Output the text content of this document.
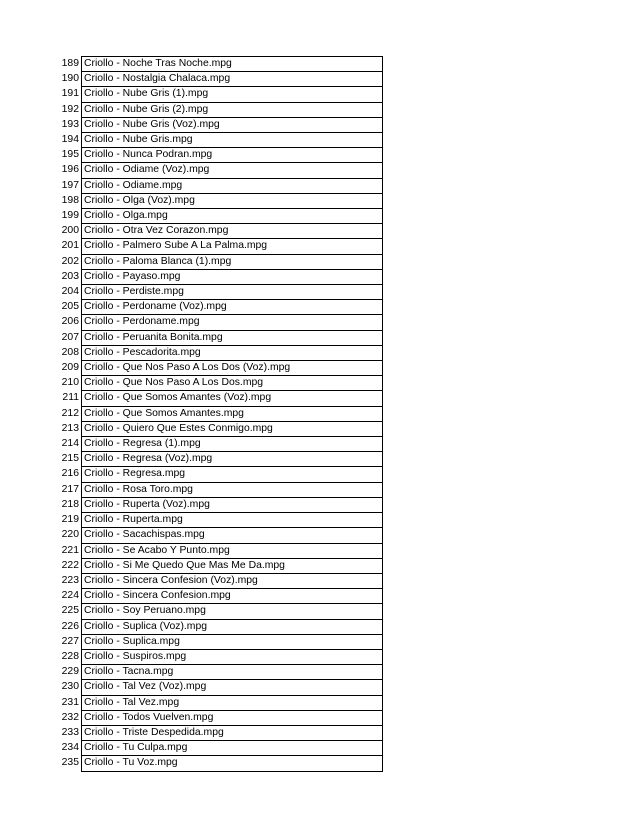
189	Criollo - Noche Tras Noche.mpg
190	Criollo - Nostalgia Chalaca.mpg
191	Criollo - Nube Gris (1).mpg
192	Criollo - Nube Gris (2).mpg
193	Criollo - Nube Gris (Voz).mpg
194	Criollo - Nube Gris.mpg
195	Criollo - Nunca Podran.mpg
196	Criollo - Odiame (Voz).mpg
197	Criollo - Odiame.mpg
198	Criollo - Olga (Voz).mpg
199	Criollo - Olga.mpg
200	Criollo - Otra Vez Corazon.mpg
201	Criollo - Palmero Sube A La Palma.mpg
202	Criollo - Paloma Blanca (1).mpg
203	Criollo - Payaso.mpg
204	Criollo - Perdiste.mpg
205	Criollo - Perdoname (Voz).mpg
206	Criollo - Perdoname.mpg
207	Criollo - Peruanita Bonita.mpg
208	Criollo - Pescadorita.mpg
209	Criollo - Que Nos Paso A Los Dos (Voz).mpg
210	Criollo - Que Nos Paso A Los Dos.mpg
211	Criollo - Que Somos Amantes (Voz).mpg
212	Criollo - Que Somos Amantes.mpg
213	Criollo - Quiero Que Estes Conmigo.mpg
214	Criollo - Regresa (1).mpg
215	Criollo - Regresa (Voz).mpg
216	Criollo - Regresa.mpg
217	Criollo - Rosa Toro.mpg
218	Criollo - Ruperta (Voz).mpg
219	Criollo - Ruperta.mpg
220	Criollo - Sacachispas.mpg
221	Criollo - Se Acabo Y Punto.mpg
222	Criollo - Si Me Quedo Que Mas Me Da.mpg
223	Criollo - Sincera Confesion (Voz).mpg
224	Criollo - Sincera Confesion.mpg
225	Criollo - Soy Peruano.mpg
226	Criollo - Suplica (Voz).mpg
227	Criollo - Suplica.mpg
228	Criollo - Suspiros.mpg
229	Criollo - Tacna.mpg
230	Criollo - Tal Vez (Voz).mpg
231	Criollo - Tal Vez.mpg
232	Criollo - Todos Vuelven.mpg
233	Criollo - Triste Despedida.mpg
234	Criollo - Tu Culpa.mpg
235	Criollo - Tu Voz.mpg
